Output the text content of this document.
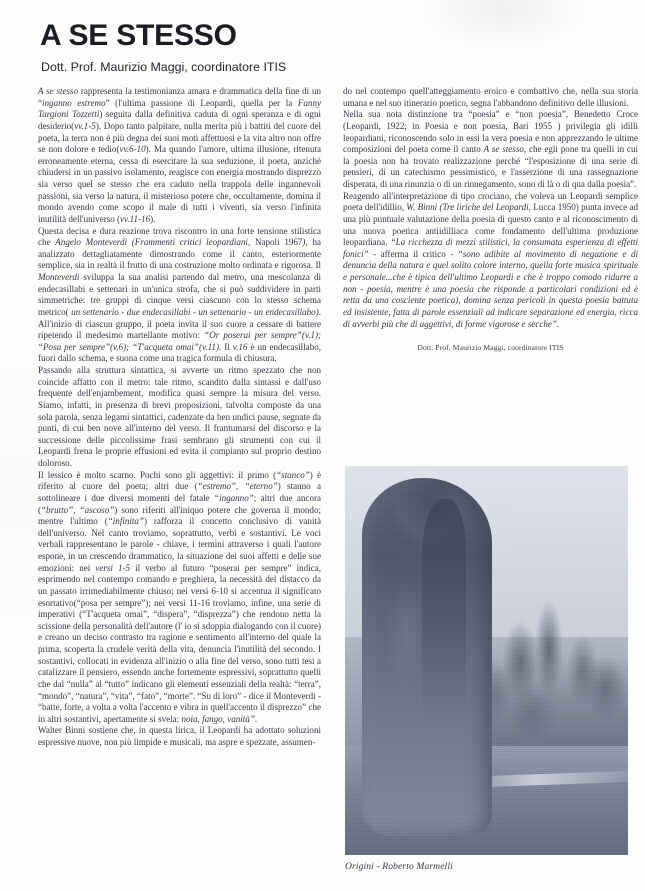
A SE STESSO
Dott. Prof. Maurizio Maggi, coordinatore ITIS

A se stesso rappresenta la testimonianza amara e drammatica della fine di un “inganno estremo” (l'ultima passione di Leopardi, quella per la Fanny Targioni Tozzetti) seguita dalla definitiva caduta di ogni speranza e di ogni desiderio(vv.1-5). Dopo tanto palpitare, nulla merita più i battiti del cuore del poeta, la terra non è più degna dei suoi moti affettuosi e la vita altro non offre se non dolore e tedio(vv.6-10). Ma quando l'amore, ultima illusione, ritenuta erroneamente eterna, cessa di esercitare la sua seduzione, il poeta, anziché chiudersi in un passivo isolamento, reagisce con energia mostrando disprezzo sia verso quel se stesso che era caduto nella trappola delle ingannevoli passioni, sia verso la natura, il misterioso potere che, occultamente, domina il mondo avendo come scopo il male di tutti i viventi, sia verso l'infinita inutilità dell'universo (vv.11-16).

Questa decisa e dura reazione trova riscontro in una forte tensione stilistica che Angelo Monteverdi (Frammenti critici leopardiani, Napoli 1967), ha analizzato dettagliatamente dimostrando come il canto, esteriormente semplice, sia in realtà il frutto di una costruzione molto ordinata e rigorosa. Il Monteverdi sviluppa la sua analisi partendo dal metro, una mescolanza di endecasillabi e settenari in un'unica strofa, che si può suddividere in parti simmetriche: tre gruppi di cinque versi ciascuno con lo stesso schema metrico( un settenario - due endecasillabi - un settenario - un endecasillabo). All'inizio di ciascun gruppo, il poeta invita il suo cuore a cessare di battere ripetendo il medesimo martellante motivo: “Or poserai per sempre”(v.1); “Posa per sempre”(v.6); “T'acqueta omai”(v.11). Il v.16 è un endecasillabo, fuori dallo schema, e suona come una tragica formula di chiusura.

Passando alla struttura sintattica, si avverte un ritmo spezzato che non coincide affatto con il metro: tale ritmo, scandito dalla sintassi e dall'uso frequente dell'enjambement, modifica quasi sempre la misura del verso. Siamo, infatti, in presenza di brevi proposizioni, talvolta composte da una sola parola, senza legami sintattici, cadenzate da ben undici pause, segnate da punti, di cui ben nove all'interno del verso. Il frantumarsi del discorso e la successione delle piccolissime frasi sembrano gli strumenti con cui il Leopardi frena le proprie effusioni ed evita il compianto sul proprio destino doloroso.

Il lessico è molto scarno. Pochi sono gli aggettivi: il primo (“stanco”) è riferito al cuore del poeta; altri due (“estremo”, “eterno”) stanno a sottolineare i due diversi momenti del fatale “inganno”; altri due ancora (“brutto”, “ascoso”) sono riferiti all'iniquo potere che governa il mondo; mentre l'ultimo (“infinita”) rafforza il concetto conclusivo di vanità dell'universo. Nel canto troviamo, soprattutto, verbi e sostantivi. Le voci verbali rappresentano le parole - chiave, i termini attraverso i quali l'autore espone, in un crescendo drammatico, la situazione dei suoi affetti e delle sue emozioni: nei versi 1-5 il verbo al futuro “poserai per sempre” indica, esprimendo nel contempo comando e preghiera, la necessità del distacco da un passato irrimediabilmente chiuso; nei versi 6-10 si accentua il significato esortativo(“posa per sempre”); nei versi 11-16 troviamo, infine, una serie di imperativi (“T'acqueta omai”, “dispera”, “disprezza”) che rendono netta la scissione della personalità dell'autore (l' io si sdoppia dialogando con il cuore) e creano un deciso contrasto tra ragione e sentimento all'interno del quale la prima, scoperta la crudele verità della vita, denuncia l'inutilità del secondo. I sostantivi, collocati in evidenza all'inizio o alla fine del verso, sono tutti tesi a catalizzare il pensiero, essendo anche fortemente espressivi, soprattutto quelli che dal “nulla” al “tutto” indicano gli elementi essenziali della realtà: “terra”, “mondo”, “natura”, “vita”, “fato”, “morte”. “Su di loro” - dice il Monteverdi - “batte, forte, a volta a volta l'accento e vibra in quell'accento il disprezzo” che in altri sostantivi, apertamente si svela: noia, fango, vanità”.

Walter Binni sostiene che, in questa lirica, il Leopardi ha adottato soluzioni espressive nuove, non più limpide e musicali, ma aspre e spezzate, assumen-

do nel contempo quell'atteggiamento eroico e combattivo che, nella sua storia umana e nel suo itinerario poetico, segna l'abbandono definitivo delle illusioni.

Nella sua nota distinzione tra “poesia” e “non poesia”, Benedetto Croce (Leopardi, 1922; in Poesia e non poesia, Bari 1955 ) privilegia gli idilli leopardiani, riconoscendo solo in essi la vera poesia e non apprezzando le ultime composizioni del poeta come il canto A se stesso, che egli pone tra quelli in cui la poesia non ha trovato realizzazione perché “l'esposizione di una serie di pensieri, di un catechismo pessimistico, e l'asserzione di una rassegnazione disperata, di una rinunzia o di un rinnegamento, sono di là o di qua dalla poesia”.

Reagendo all'interpretazione di tipo crociano, che voleva un Leopardi semplice poeta dell'idillio, W. Binni (Tre liriche del Leopardi, Lucca 1950) punta invece ad una più puntuale valutazione della poesia di questo canto e al riconoscimento di una nuova poetica antiidilliaca come fondamento dell'ultima produzione leopardiana. “La ricchezza di mezzi stilistici, la consumata esperienza di effetti fonici” - afferma il critico - “sono adibite al movimento di negazione e di denuncia della natura e quel solito colore interno, quella forte musica spirituale e personale...che è tipica dell'ultimo Leopardi e che è troppo comodo ridurre a non - poesia, mentre è una poesia che risponde a particolari condizioni ed è retta da una cosciente poetica), domina senza pericoli in questa poesia battuta ed insistente, fatta di parole essenziali ad indicare separazione ed energia, ricca di avverbi più che di aggettivi, di forme vigorose e secche”.

Dott. Prof. Maurizio Maggi, coordinatore ITIS
Origini - Roberto Marmelli
